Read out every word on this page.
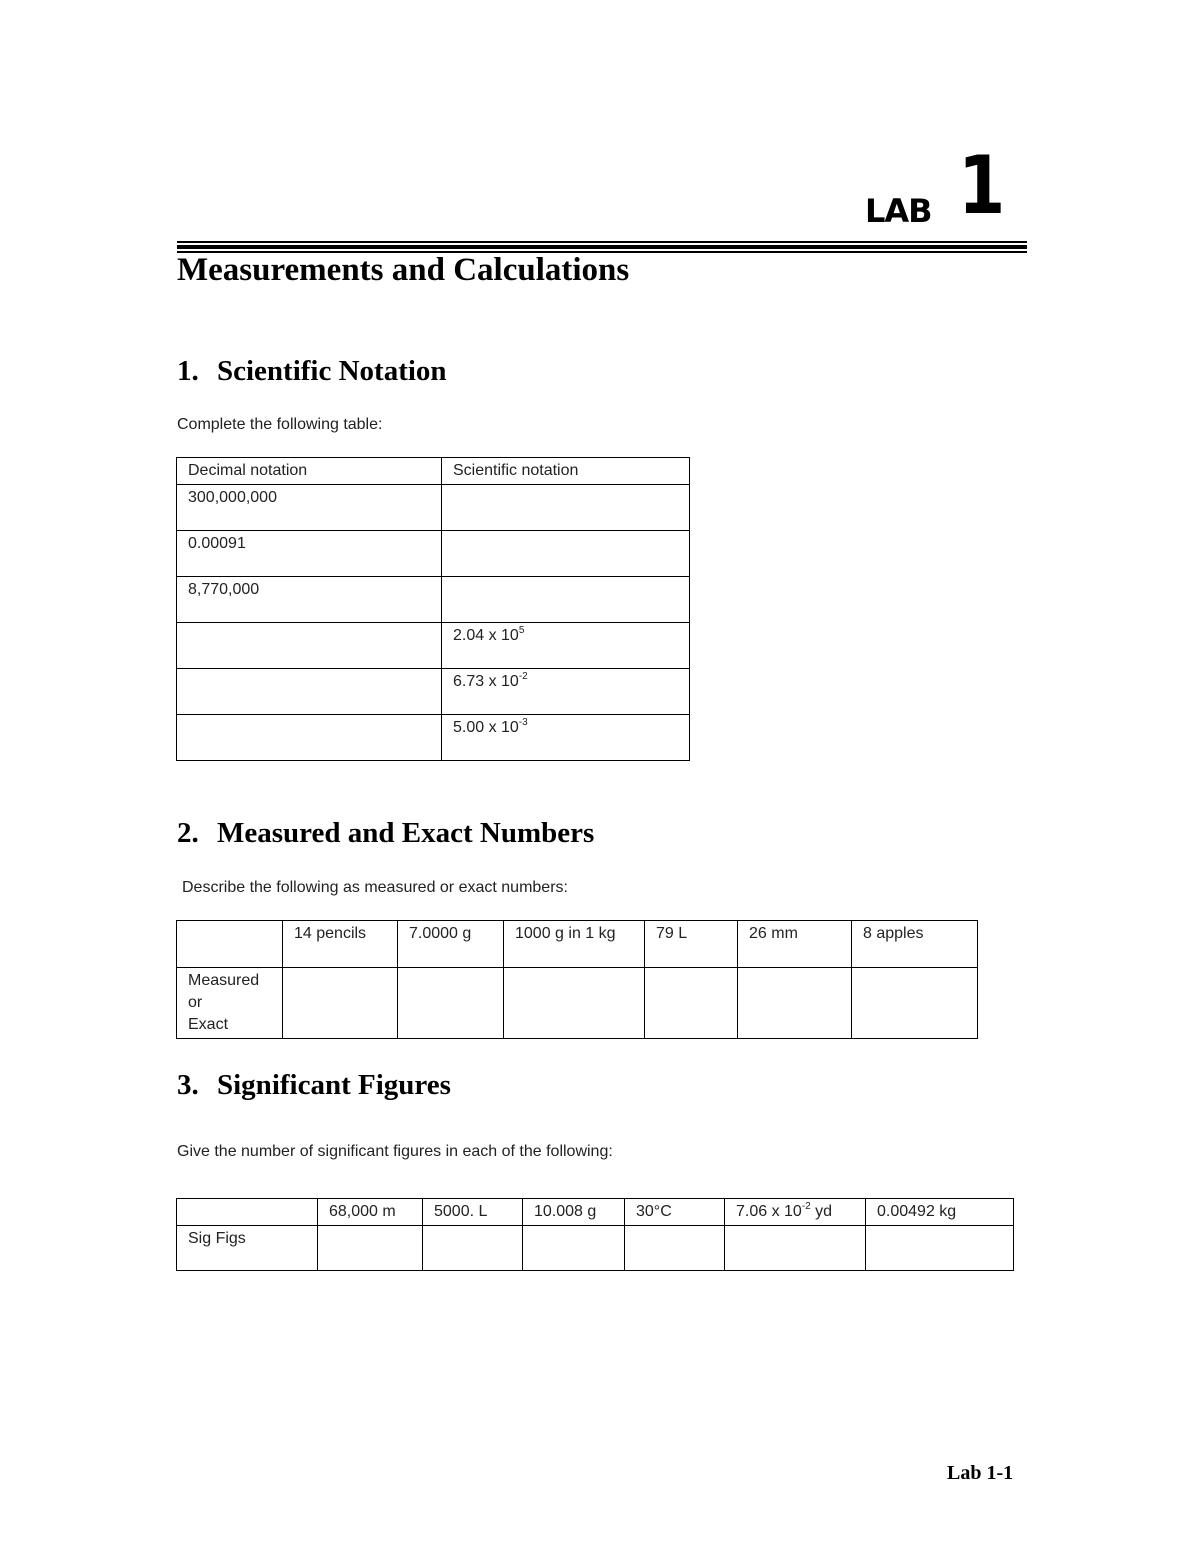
LAB 1
Measurements and Calculations
1. Scientific Notation
Complete the following table:
Decimal notation	Scientific notation
300,000,000	
0.00091	
8,770,000	
	2.04 x $10^5$
	6.73 x $10^{-2}$
	5.00 x $10^{-3}$
2. Measured and Exact Numbers
Describe the following as measured or exact numbers:
	14 pencils	7.0000 g	1000 g in 1 kg	79 L	26 mm	8 apples

Measured
or
Exact						

3. Significant Figures
Give the number of significant figures in each of the following:
	68,000 m	5000. L	10.008 g	30°C	7.06 x $10^{-2}$ yd	0.00492 kg
Sig Figs						
Lab 1-1
